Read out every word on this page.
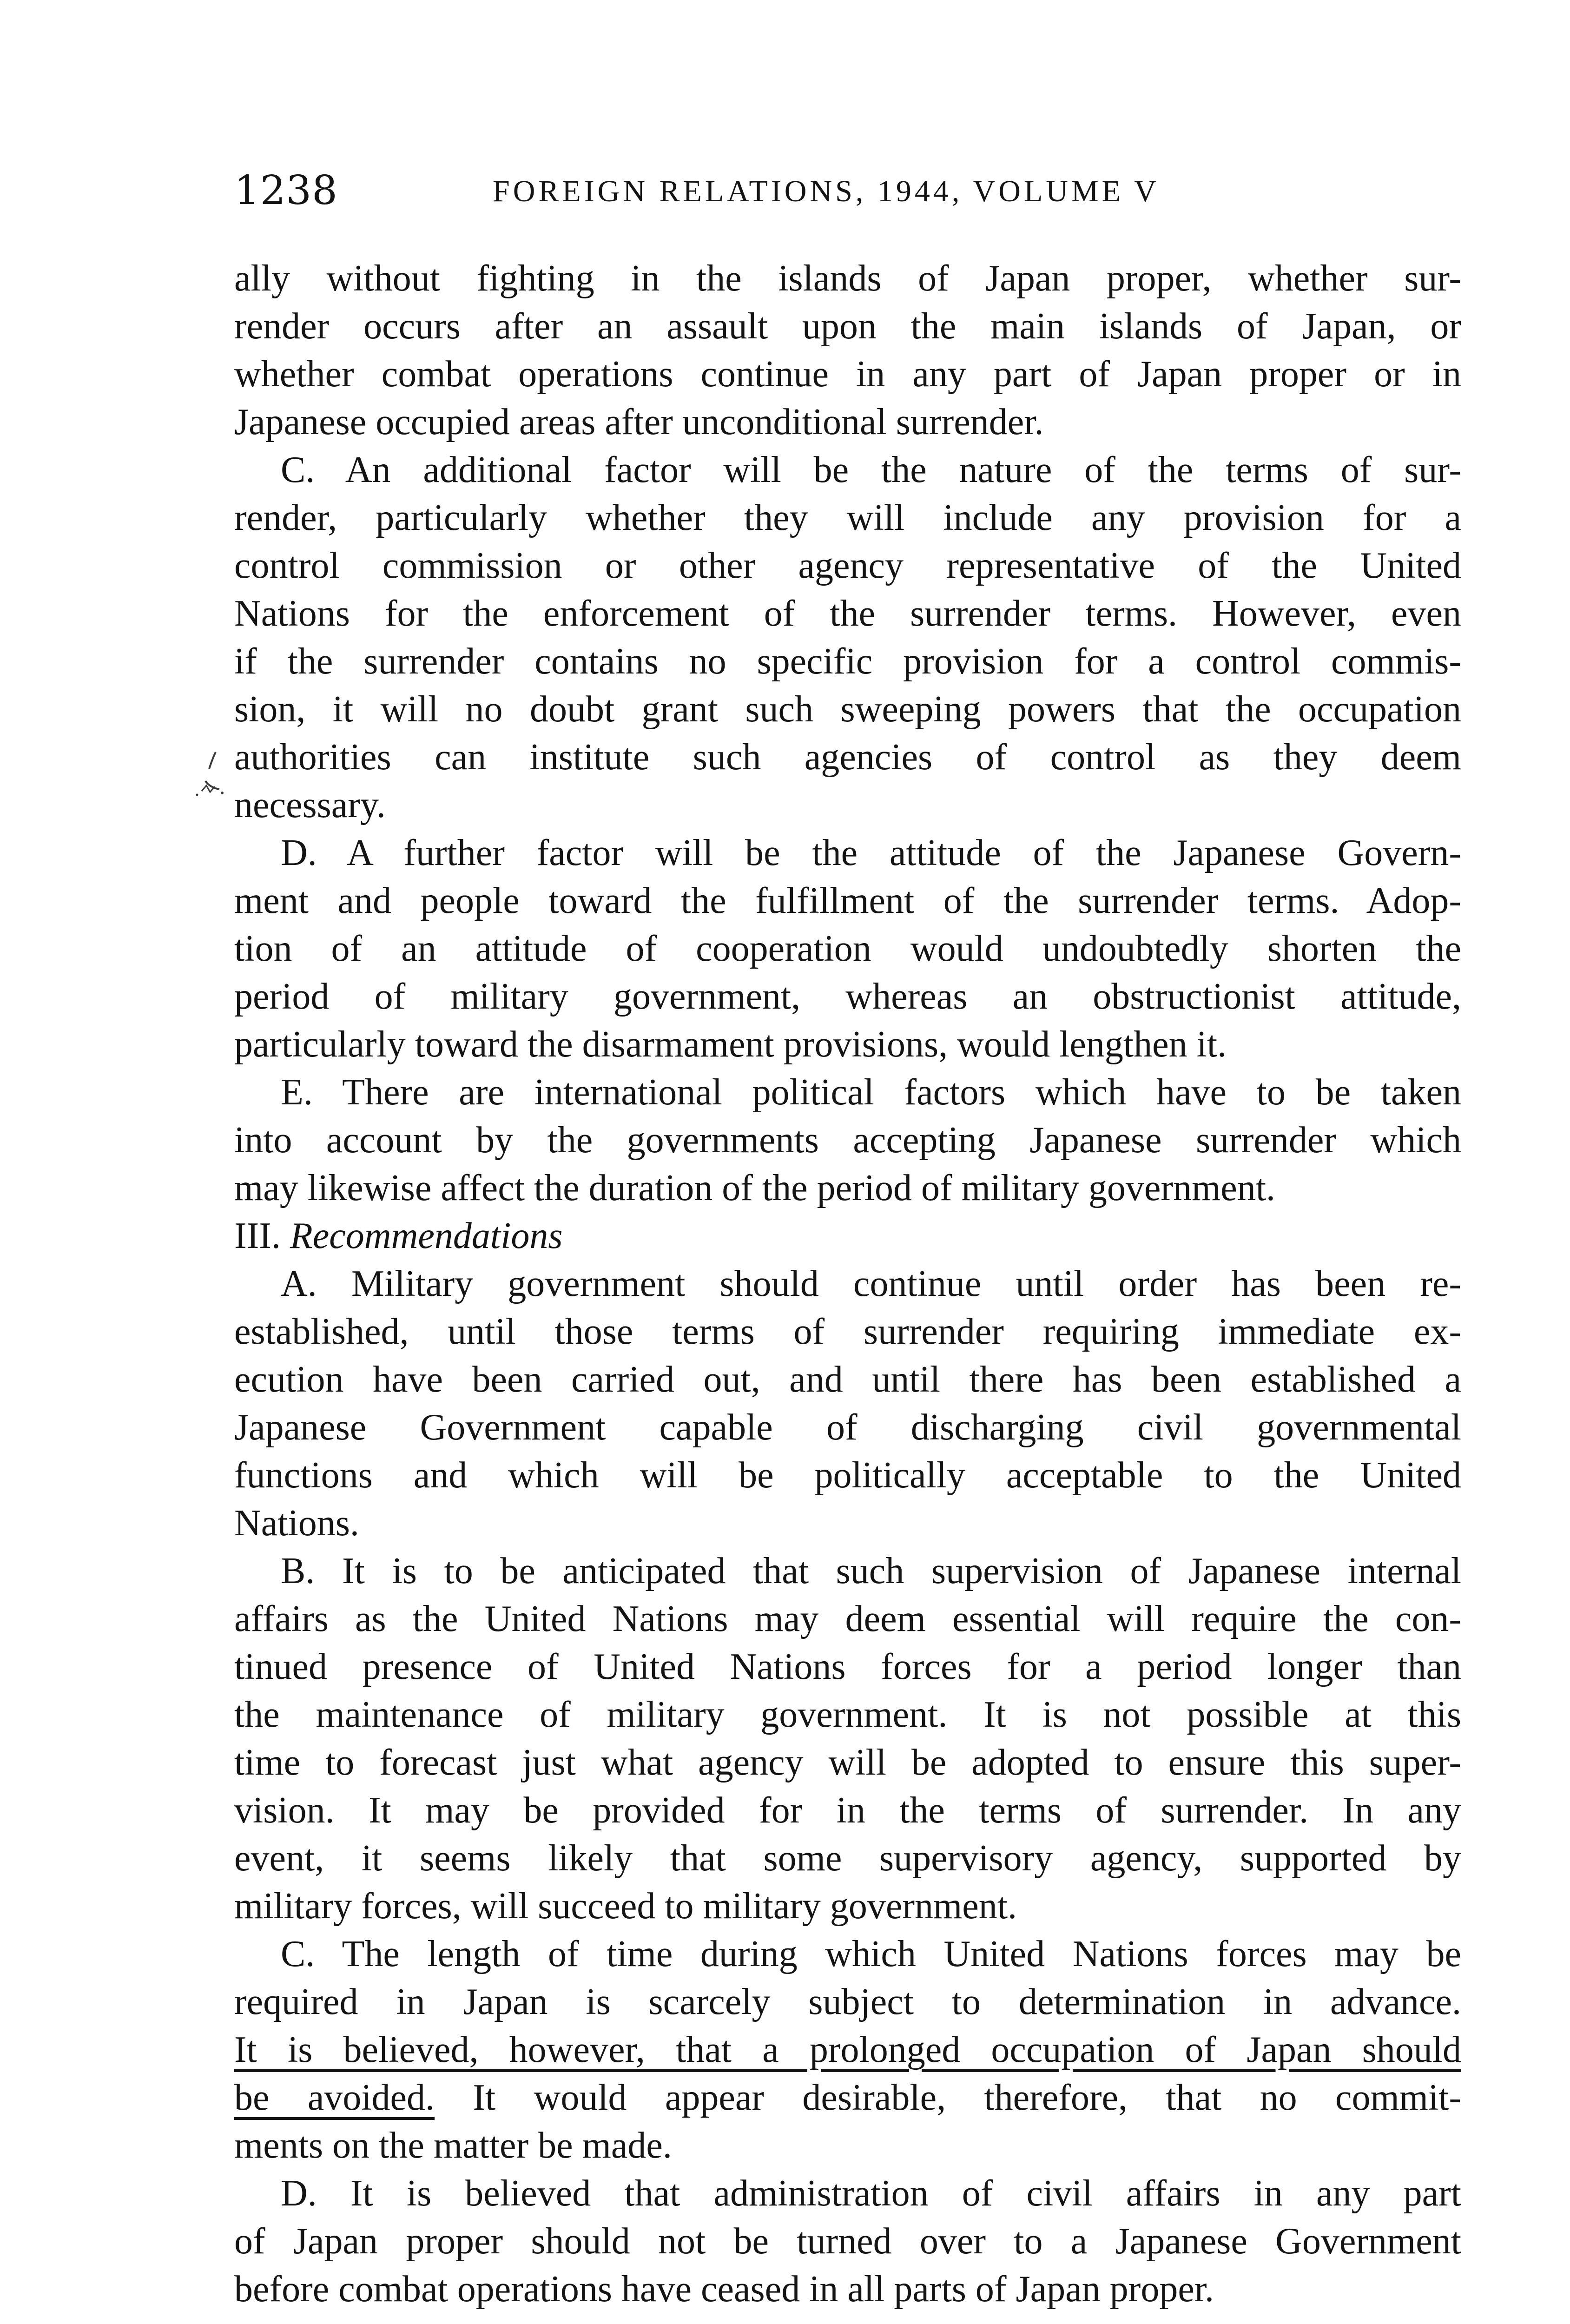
1238	FOREIGN RELATIONS, 1944, VOLUME V
ally without fighting in the islands of Japan proper, whether sur-
render occurs after an assault upon the main islands of Japan, or
whether combat operations continue in any part of Japan proper or in
Japanese occupied areas after unconditional surrender.
C. An additional factor will be the nature of the terms of sur-
render, particularly whether they will include any provision for a
control commission or other agency representative of the United
Nations for the enforcement of the surrender terms. However, even
if the surrender contains no specific provision for a control commis-
sion, it will no doubt grant such sweeping powers that the occupation
authorities can institute such agencies of control as they deem
necessary.
D. A further factor will be the attitude of the Japanese Govern-
ment and people toward the fulfillment of the surrender terms. Adop-
tion of an attitude of cooperation would undoubtedly shorten the
period of military government, whereas an obstructionist attitude,
particularly toward the disarmament provisions, would lengthen it.
E. There are international political factors which have to be taken
into account by the governments accepting Japanese surrender which
may likewise affect the duration of the period of military government.
III. Recommendations
A. Military government should continue until order has been re-
established, until those terms of surrender requiring immediate ex-
ecution have been carried out, and until there has been established a
Japanese Government capable of discharging civil governmental
functions and which will be politically acceptable to the United
Nations.
B. It is to be anticipated that such supervision of Japanese internal
affairs as the United Nations may deem essential will require the con-
tinued presence of United Nations forces for a period longer than
the maintenance of military government. It is not possible at this
time to forecast just what agency will be adopted to ensure this super-
vision. It may be provided for in the terms of surrender. In any
event, it seems likely that some supervisory agency, supported by
military forces, will succeed to military government.
C. The length of time during which United Nations forces may be
required in Japan is scarcely subject to determination in advance.
It is believed, however, that a prolonged occupation of Japan should
be avoided. It would appear desirable, therefore, that no commit-
ments on the matter be made.
D. It is believed that administration of civil affairs in any part
of Japan proper should not be turned over to a Japanese Government
before combat operations have ceased in all parts of Japan proper.
